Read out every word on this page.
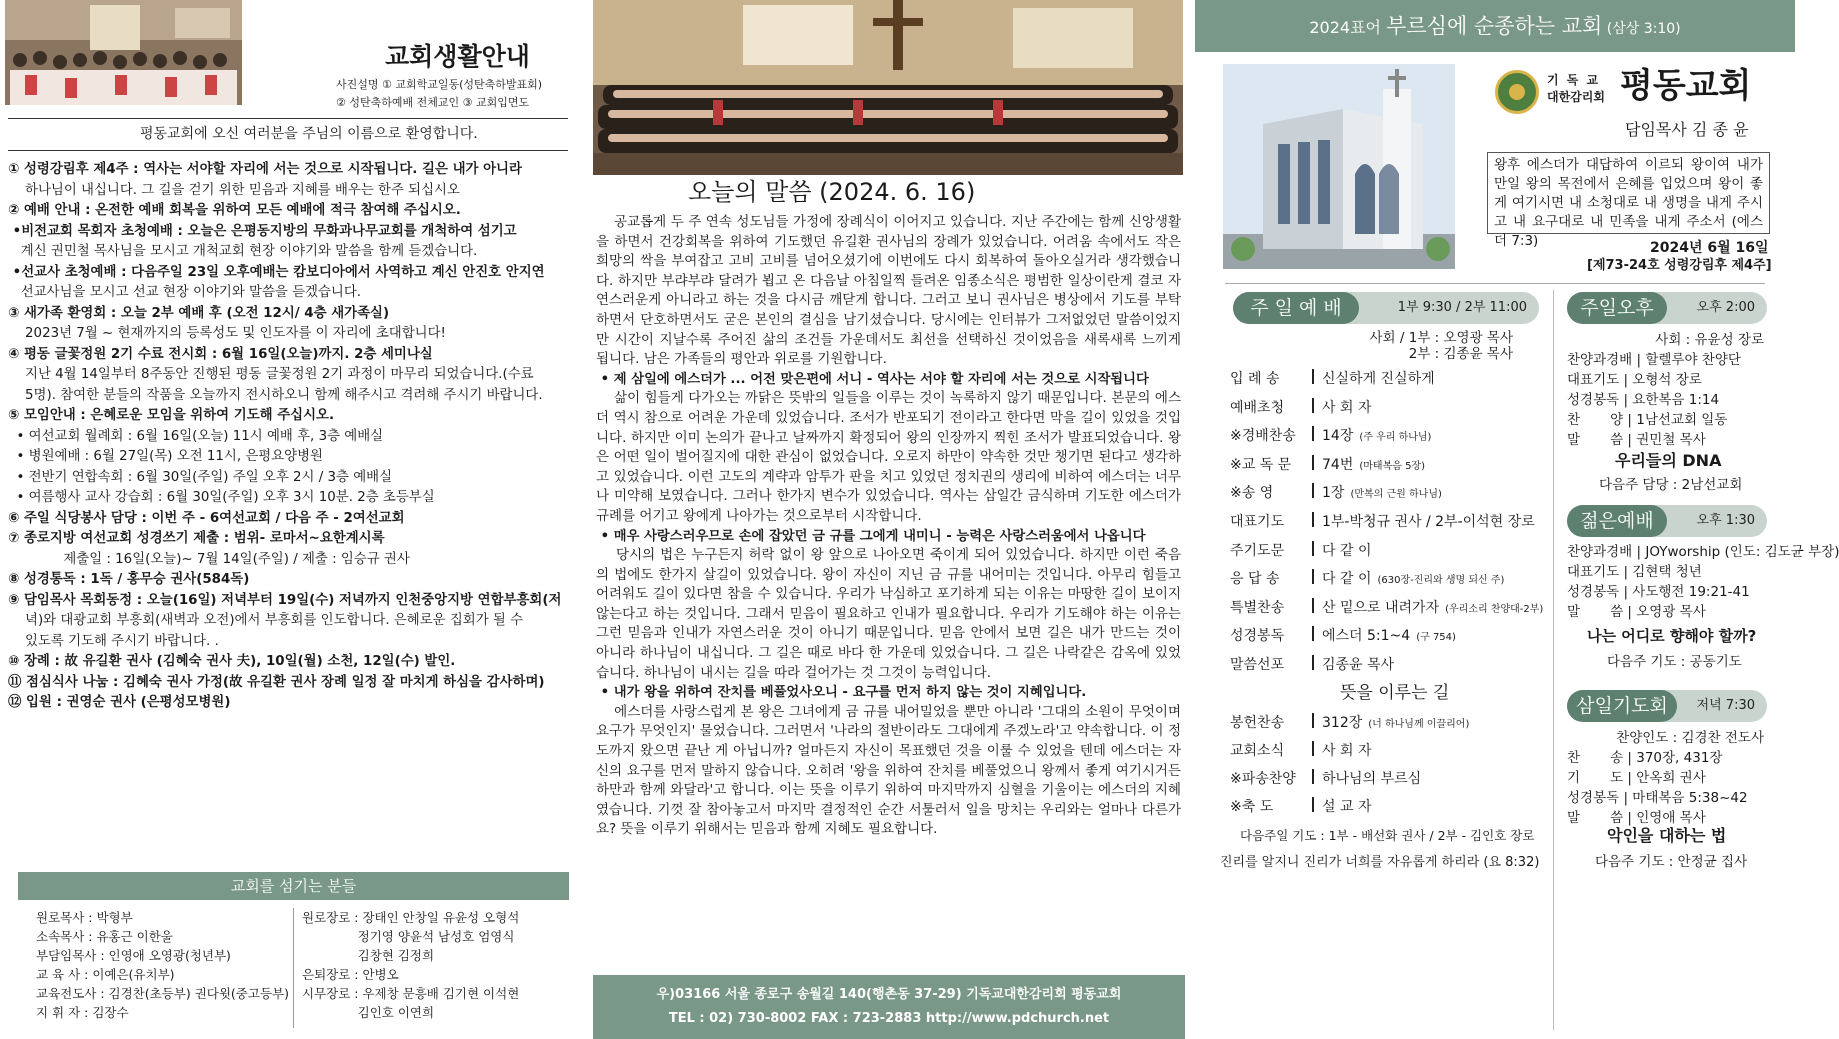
교회생활안내
사진설명 ① 교회학교일동(성탄축하발표회)
② 성탄축하예배 전체교인 ③ 교회입면도
평동교회에 오신 여러분을 주님의 이름으로 환영합니다.
① 성령강림후 제4주 : 역사는 서야할 자리에 서는 것으로 시작됩니다. 길은 내가 아니라
하나님이 내십니다. 그 길을 걷기 위한 믿음과 지혜를 배우는 한주 되십시오
② 예배 안내 : 온전한 예배 회복을 위하여 모든 예배에 적극 참여해 주십시오.
•비전교회 목회자 초청예배 : 오늘은 은평동지방의 무화과나무교회를 개척하여 섬기고
계신 권민철 목사님을 모시고 개척교회 현장 이야기와 말씀을 함께 듣겠습니다.
•선교사 초청예배 : 다음주일 23일 오후예배는 캄보디아에서 사역하고 계신 안진호 안지연
선교사님을 모시고 선교 현장 이야기와 말씀을 듣겠습니다.
③ 새가족 환영회 : 오늘 2부 예배 후 (오전 12시/ 4층 새가족실)
2023년 7월 ~ 현재까지의 등록성도 및 인도자를 이 자리에 초대합니다!
④ 평동 글꽃정원 2기 수료 전시회 : 6월 16일(오늘)까지. 2층 세미나실
지난 4월 14일부터 8주동안 진행된 평동 글꽃정원 2기 과정이 마무리 되었습니다.(수료
5명). 참여한 분들의 작품을 오늘까지 전시하오니 함께 해주시고 격려해 주시기 바랍니다.
⑤ 모임안내 : 은혜로운 모임을 위하여 기도해 주십시오.
• 여선교회 월례회 : 6월 16일(오늘) 11시 예배 후, 3층 예배실
• 병원예배 : 6월 27일(목) 오전 11시, 은평요양병원
• 전반기 연합속회 : 6월 30일(주일) 주일 오후 2시 / 3층 예배실
• 여름행사 교사 강습회 : 6월 30일(주일) 오후 3시 10분. 2층 초등부실
⑥ 주일 식당봉사 담당 : 이번 주 - 6여선교회 / 다음 주 - 2여선교회
⑦ 종로지방 여선교회 성경쓰기 제출 : 범위- 로마서~요한계시록
제출일 : 16일(오늘)~ 7월 14일(주일) / 제출 : 임승규 권사
⑧ 성경통독 : 1독 / 홍무승 권사(584독)
⑨ 담임목사 목회동정 : 오늘(16일) 저녁부터 19일(수) 저녁까지 인천중앙지방 연합부흥회(저
녁)와 대광교회 부흥회(새벽과 오전)에서 부흥회를 인도합니다. 은혜로운 집회가 될 수
있도록 기도해 주시기 바랍니다. .
⑩ 장례 : 故 유길환 권사 (김혜숙 권사 夫), 10일(월) 소천, 12일(수) 발인.
⑪ 점심식사 나눔 : 김혜숙 권사 가정(故 유길환 권사 장례 일정 잘 마치게 하심을 감사하며)
⑫ 입원 : 권영순 권사 (은평성모병원)
교회를 섬기는 분들
원로목사 : 박형부
소속목사 : 유홍근 이한울
부담임목사 : 인영애 오영광(청년부)
교 육 사 : 이예은(유치부)
교육전도사 : 김경찬(초등부) 권다윗(중고등부)
지 휘 자 : 김장수
원로장로 : 장태인 안창일 유윤성 오형석
정기영 양윤석 남성호 엄영식
김창현 김정희
은퇴장로 : 안병오
시무장로 : 우제창 문흥배 김기현 이석현
김인호 이연희
오늘의 말씀 (2024. 6. 16)
공교롭게 두 주 연속 성도님들 가정에 장례식이 이어지고 있습니다. 지난 주간에는 함께 신앙생활을 하면서 건강회복을 위하여 기도했던 유길환 권사님의 장례가 있었습니다. 어려움 속에서도 작은 희망의 싹을 부여잡고 고비 고비를 넘어오셨기에 이번에도 다시 회복하여 돌아오실거라 생각했습니다. 하지만 부랴부랴 달려가 뵙고 온 다음날 아침일찍 들려온 임종소식은 평범한 일상이란게 결코 자연스러운게 아니라고 하는 것을 다시금 깨닫게 합니다. 그러고 보니 권사님은 병상에서 기도를 부탁하면서 단호하면서도 굳은 본인의 결심을 남기셨습니다. 당시에는 인터뷰가 그저없었던 말씀이었지만 시간이 지날수록 주어진 삶의 조건들 가운데서도 최선을 선택하신 것이었음을 새록새록 느끼게 됩니다. 남은 가족들의 평안과 위로를 기원합니다.
• 제 삼일에 에스더가 ... 어전 맞은편에 서니 - 역사는 서야 할 자리에 서는 것으로 시작됩니다
삶이 힘들게 다가오는 까닭은 뜻밖의 일들을 이루는 것이 녹록하지 않기 때문입니다. 본문의 에스더 역시 참으로 어려운 가운데 있었습니다. 조서가 반포되기 전이라고 한다면 막을 길이 있었을 것입니다. 하지만 이미 논의가 끝나고 날짜까지 확정되어 왕의 인장까지 찍힌 조서가 발표되었습니다. 왕은 어떤 일이 벌어질지에 대한 관심이 없었습니다. 오로지 하만이 약속한 것만 챙기면 된다고 생각하고 있었습니다. 이런 고도의 계략과 암투가 판을 치고 있었던 정치권의 생리에 비하여 에스더는 너무나 미약해 보였습니다. 그러나 한가지 변수가 있었습니다. 역사는 삼일간 금식하며 기도한 에스더가 규례를 어기고 왕에게 나아가는 것으로부터 시작합니다.
• 매우 사랑스러우므로 손에 잡았던 금 규를 그에게 내미니 - 능력은 사랑스러움에서 나옵니다
당시의 법은 누구든지 허락 없이 왕 앞으로 나아오면 죽이게 되어 있었습니다. 하지만 이런 죽음의 법에도 한가지 살길이 있었습니다. 왕이 자신이 지닌 금 규를 내어미는 것입니다. 아무리 힘들고 어려워도 길이 있다면 참을 수 있습니다. 우리가 낙심하고 포기하게 되는 이유는 마땅한 길이 보이지 않는다고 하는 것입니다. 그래서 믿음이 필요하고 인내가 필요합니다. 우리가 기도해야 하는 이유는 그런 믿음과 인내가 자연스러운 것이 아니기 때문입니다. 믿음 안에서 보면 길은 내가 만드는 것이 아니라 하나님이 내십니다. 그 길은 때로 바다 한 가운데 있었습니다. 그 길은 나락같은 감옥에 있었습니다. 하나님이 내시는 길을 따라 걸어가는 것 그것이 능력입니다.
• 내가 왕을 위하여 잔치를 베풀었사오니 - 요구를 먼저 하지 않는 것이 지혜입니다.
에스더를 사랑스럽게 본 왕은 그녀에게 금 규를 내어밀었을 뿐만 아니라 '그대의 소원이 무엇이며 요구가 무엇인지' 물었습니다. 그러면서 '나라의 절반이라도 그대에게 주겠노라'고 약속합니다. 이 정도까지 왔으면 끝난 게 아닙니까? 얼마든지 자신이 목표했던 것을 이룰 수 있었을 텐데 에스더는 자신의 요구를 먼저 말하지 않습니다. 오히려 '왕을 위하여 잔치를 베풀었으니 왕께서 좋게 여기시거든 하만과 함께 와달라'고 합니다. 이는 뜻을 이루기 위하여 마지막까지 심혈을 기울이는 에스더의 지혜였습니다. 기껏 잘 참아놓고서 마지막 결정적인 순간 서툴러서 일을 망치는 우리와는 얼마나 다른가요? 뜻을 이루기 위해서는 믿음과 함께 지혜도 필요합니다.
우)03166 서울 종로구 송월길 140(행촌동 37-29) 기독교대한감리회 평동교회
TEL : 02) 730-8002 FAX : 723-2883 http://www.pdchurch.net
2024표어 부르심에 순종하는 교회 (삼상 3:10)
기 독 교
대한감리회 평동교회
담임목사 김 종 윤
왕후 에스더가 대답하여 이르되 왕이여 내가 만일 왕의 목전에서 은혜를 입었으며 왕이 좋게 여기시면 내 소청대로 내 생명을 내게 주시고 내 요구대로 내 민족을 내게 주소서 (에스더 7:3)	2024년 6월 16일
[제73-24호 성령강림후 제4주]
주 일 예 배	1부 9:30 / 2부 11:00
사회 / 1부 : 오영광 목사
2부 : 김종윤 목사
입 례 송	신실하게 진실하게
예배초청	사 회 자
※경배찬송 14장 (주 우리 하나님)
※교 독 문 74번 (마태복음 5장)
※송 영	1장 (만복의 근원 하나님)
대표기도	1부-박청규 권사 / 2부-이석현 장로
주기도문	다 같 이
응 답 송	다 같 이 (630장-진리와 생명 되신 주)
특별찬송	산 밑으로 내려가자 (우리소리 찬양대-2부)
성경봉독	에스더 5:1~4 (구 754)
말씀선포	김종윤 목사
뜻을 이루는 길
봉헌찬송	312장 (너 하나님께 이끌리어)
교회소식	사 회 자
※파송찬양 하나님의 부르심
※축 도	설 교 자
다음주일 기도 : 1부 - 배선화 권사 / 2부 - 김인호 장로
진리를 알지니 진리가 너희를 자유롭게 하리라 (요 8:32)
주일오후	오후 2:00
사회 : 유윤성 장로
찬양과경배 | 할렐루야 찬양단
대표기도 | 오형석 장로
성경봉독 | 요한복음 1:14
찬       양 | 1남선교회 일동
말       씀 | 권민철 목사
우리들의 DNA
다음주 담당 : 2남선교회
젊은예배	오후 1:30
찬양과경배 | JOYworship (인도: 김도균 부장)
대표기도 | 김현택 청년
성경봉독 | 사도행전 19:21-41
말       씀 | 오영광 목사
나는 어디로 향해야 할까?
다음주 기도 : 공동기도
삼일기도회	저녁 7:30
찬양인도 : 김경찬 전도사
찬       송 | 370장, 431장
기       도 | 안옥희 권사
성경봉독 | 마태복음 5:38~42
말       씀 | 인영애 목사
악인을 대하는 법
다음주 기도 : 안정균 집사
